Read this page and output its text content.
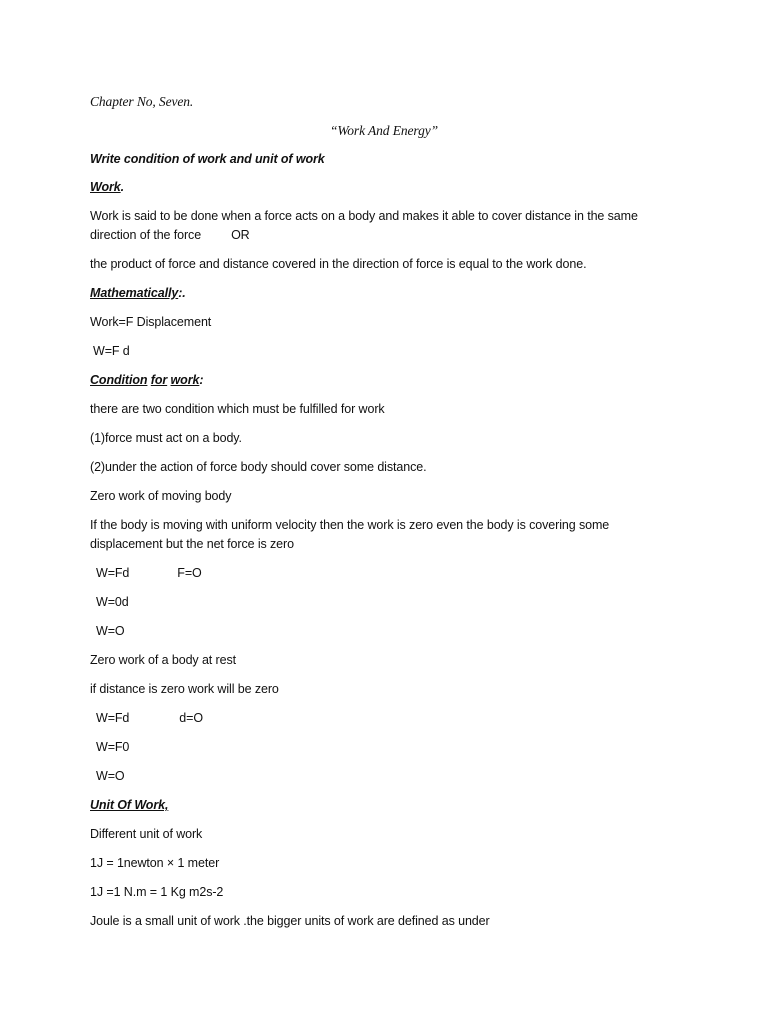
Chapter No, Seven.
“Work And Energy”
Write condition of work and unit of work
Work.
Work is said to be done when a force acts on a body and makes it able to cover distance in the same
direction of the force OR
the product of force and distance covered in the direction of force is equal to the work done.
Mathematically:.
Work=F Displacement
W=F d
Condition for work:
there are two condition which must be fulfilled for work
(1)force must act on a body.
(2)under the action of force body should cover some distance.
Zero work of moving body
If the body is moving with uniform velocity then the work is zero even the body is covering some
displacement but the net force is zero
W=Fd	F=O
W=0d
W=O
Zero work of a body at rest
if distance is zero work will be zero
W=Fd	d=O
W=F0
W=O
Unit Of Work,
Different unit of work
1J = 1newton × 1 meter
1J =1 N.m = 1 Kg m2s-2
Joule is a small unit of work .the bigger units of work are defined as under
